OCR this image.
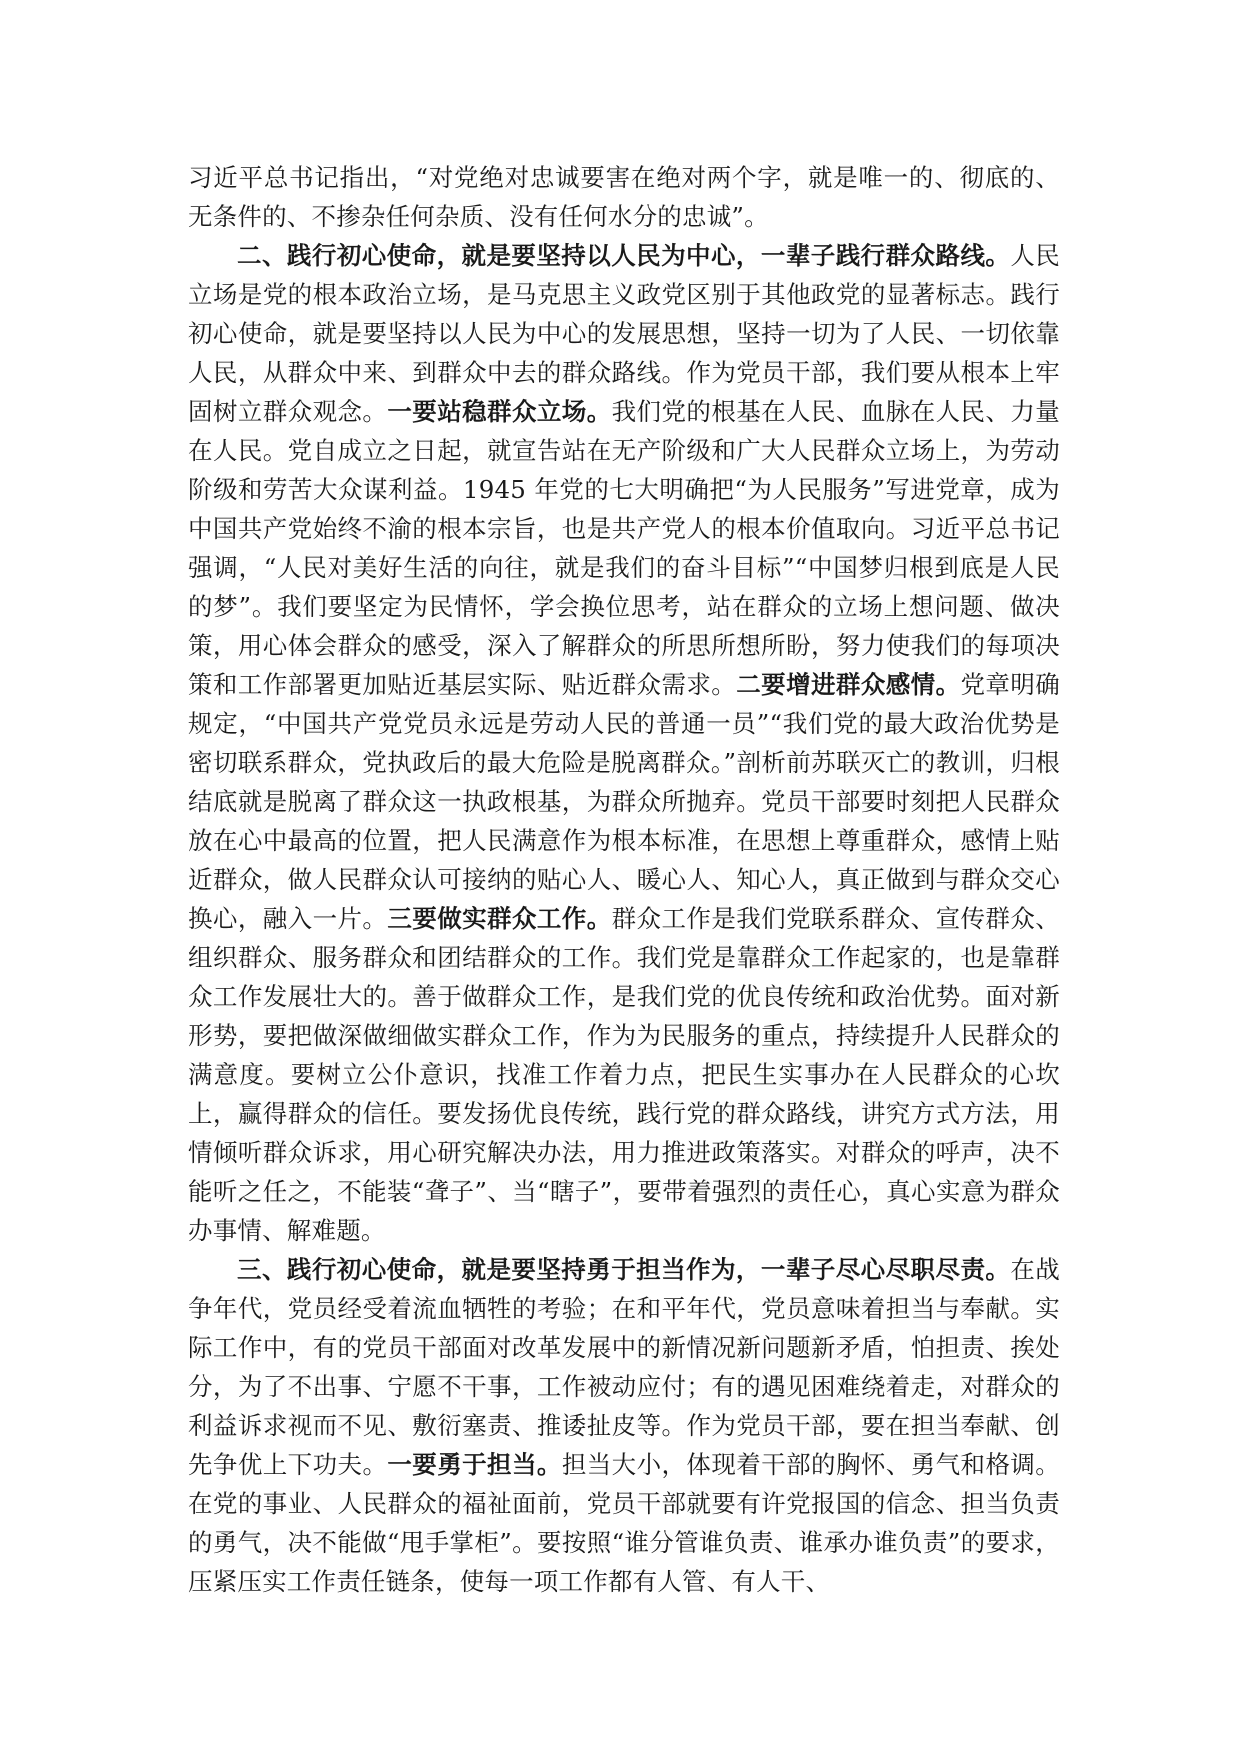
习近平总书记指出，“对党绝对忠诚要害在绝对两个字，就是唯一的、彻底的、无条件的、不掺杂任何杂质、没有任何水分的忠诚”。

二、践行初心使命，就是要坚持以人民为中心，一辈子践行群众路线。人民立场是党的根本政治立场，是马克思主义政党区别于其他政党的显著标志。践行初心使命，就是要坚持以人民为中心的发展思想，坚持一切为了人民、一切依靠人民，从群众中来、到群众中去的群众路线。作为党员干部，我们要从根本上牢固树立群众观念。一要站稳群众立场。我们党的根基在人民、血脉在人民、力量在人民。党自成立之日起，就宣告站在无产阶级和广大人民群众立场上，为劳动阶级和劳苦大众谋利益。1945 年党的七大明确把“为人民服务”写进党章，成为中国共产党始终不渝的根本宗旨，也是共产党人的根本价值取向。习近平总书记强调，“人民对美好生活的向往，就是我们的奋斗目标”“中国梦归根到底是人民的梦”。我们要坚定为民情怀，学会换位思考，站在群众的立场上想问题、做决策，用心体会群众的感受，深入了解群众的所思所想所盼，努力使我们的每项决策和工作部署更加贴近基层实际、贴近群众需求。二要增进群众感情。党章明确规定，“中国共产党党员永远是劳动人民的普通一员”“我们党的最大政治优势是密切联系群众，党执政后的最大危险是脱离群众。”剖析前苏联灭亡的教训，归根结底就是脱离了群众这一执政根基，为群众所抛弃。党员干部要时刻把人民群众放在心中最高的位置，把人民满意作为根本标准，在思想上尊重群众，感情上贴近群众，做人民群众认可接纳的贴心人、暖心人、知心人，真正做到与群众交心换心，融入一片。三要做实群众工作。群众工作是我们党联系群众、宣传群众、组织群众、服务群众和团结群众的工作。我们党是靠群众工作起家的，也是靠群众工作发展壮大的。善于做群众工作，是我们党的优良传统和政治优势。面对新形势，要把做深做细做实群众工作，作为为民服务的重点，持续提升人民群众的满意度。要树立公仆意识，找准工作着力点，把民生实事办在人民群众的心坎上，赢得群众的信任。要发扬优良传统，践行党的群众路线，讲究方式方法，用情倾听群众诉求，用心研究解决办法，用力推进政策落实。对群众的呼声，决不能听之任之，不能装“聋子”、当“瞎子”，要带着强烈的责任心，真心实意为群众办事情、解难题。

三、践行初心使命，就是要坚持勇于担当作为，一辈子尽心尽职尽责。在战争年代，党员经受着流血牺牲的考验；在和平年代，党员意味着担当与奉献。实际工作中，有的党员干部面对改革发展中的新情况新问题新矛盾，怕担责、挨处分，为了不出事、宁愿不干事，工作被动应付；有的遇见困难绕着走，对群众的利益诉求视而不见、敷衍塞责、推诿扯皮等。作为党员干部，要在担当奉献、创先争优上下功夫。一要勇于担当。担当大小，体现着干部的胸怀、勇气和格调。在党的事业、人民群众的福祉面前，党员干部就要有许党报国的信念、担当负责的勇气，决不能做“甩手掌柜”。要按照“谁分管谁负责、谁承办谁负责”的要求，压紧压实工作责任链条，使每一项工作都有人管、有人干、
